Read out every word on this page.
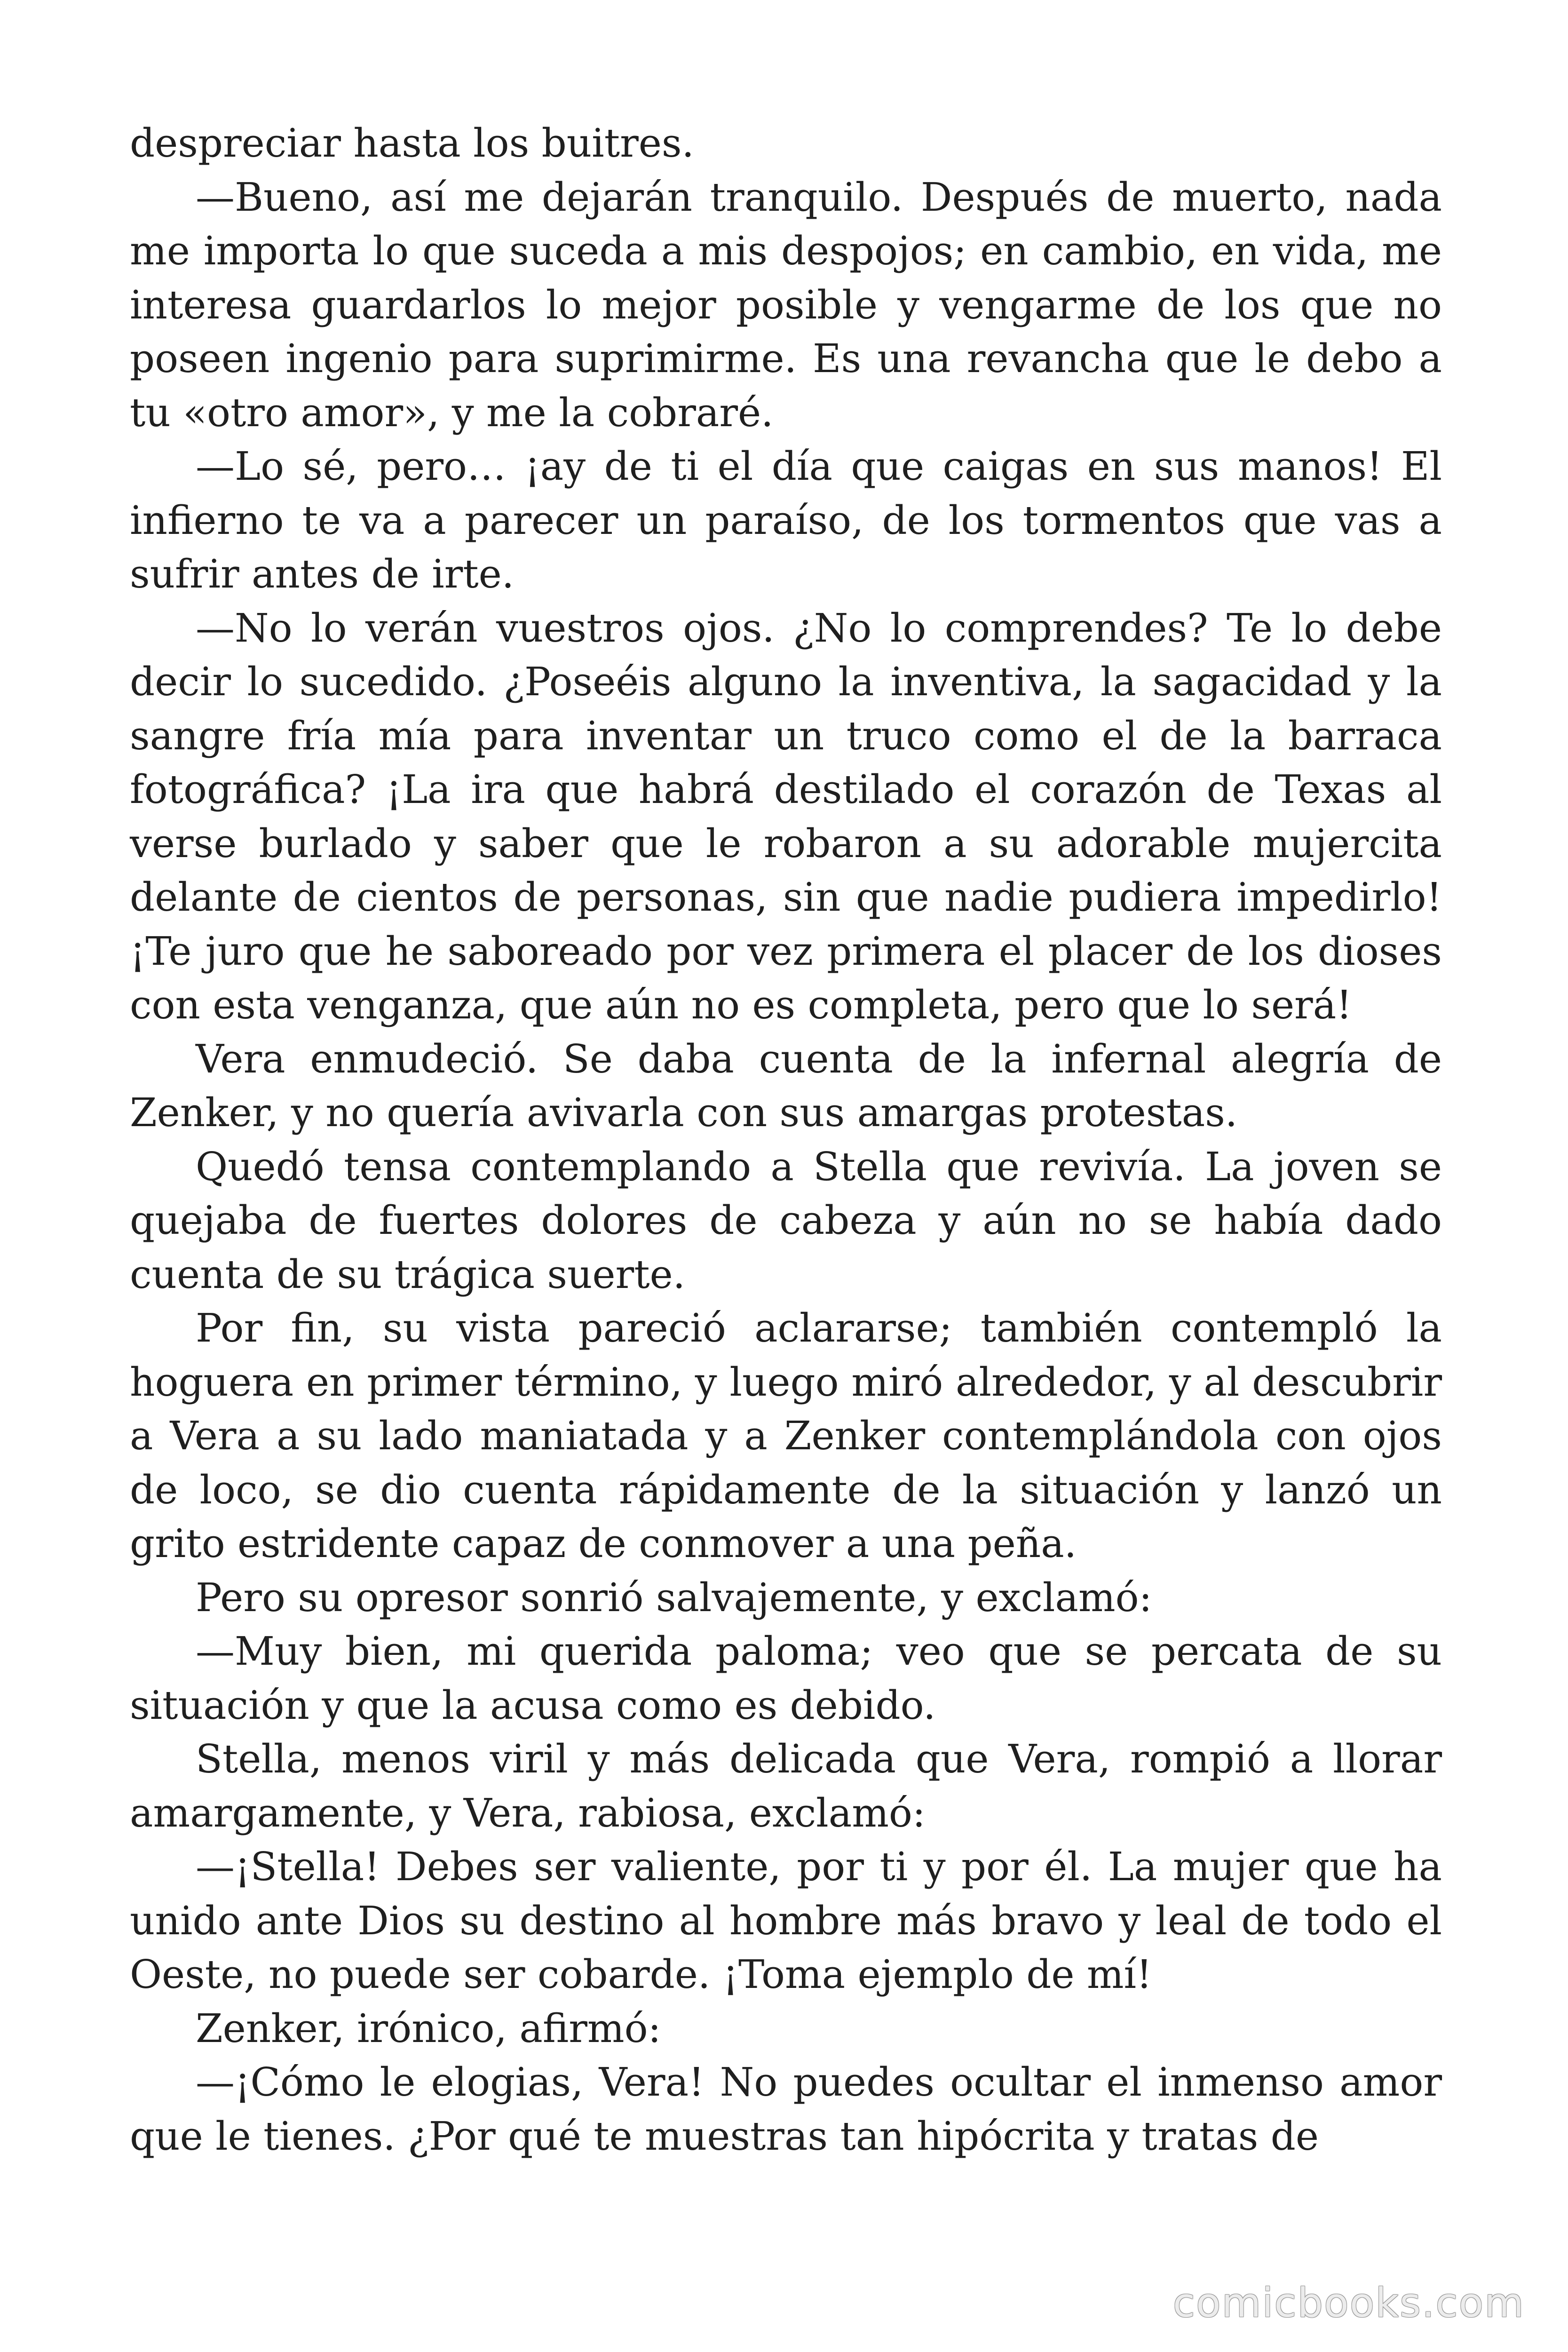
despreciar hasta los buitres.

—Bueno, así me dejarán tranquilo. Después de muerto, nada me importa lo que suceda a mis despojos; en cambio, en vida, me interesa guardarlos lo mejor posible y vengarme de los que no poseen ingenio para suprimirme. Es una revancha que le debo a tu «otro amor», y me la cobraré.

—Lo sé, pero… ¡ay de ti el día que caigas en sus manos! El infierno te va a parecer un paraíso, de los tormentos que vas a sufrir antes de irte.

—No lo verán vuestros ojos. ¿No lo comprendes? Te lo debe decir lo sucedido. ¿Poseéis alguno la inventiva, la sagacidad y la sangre fría mía para inventar un truco como el de la barraca fotográfica? ¡La ira que habrá destilado el corazón de Texas al verse burlado y saber que le robaron a su adorable mujercita delante de cientos de personas, sin que nadie pudiera impedirlo! ¡Te juro que he saboreado por vez primera el placer de los dioses con esta venganza, que aún no es completa, pero que lo será!

Vera enmudeció. Se daba cuenta de la infernal alegría de Zenker, y no quería avivarla con sus amargas protestas.

Quedó tensa contemplando a Stella que revivía. La joven se quejaba de fuertes dolores de cabeza y aún no se había dado cuenta de su trágica suerte.

Por fin, su vista pareció aclararse; también contempló la hoguera en primer término, y luego miró alrededor, y al descubrir a Vera a su lado maniatada y a Zenker contemplándola con ojos de loco, se dio cuenta rápidamente de la situación y lanzó un grito estridente capaz de conmover a una peña.

Pero su opresor sonrió salvajemente, y exclamó:

—Muy bien, mi querida paloma; veo que se percata de su situación y que la acusa como es debido.

Stella, menos viril y más delicada que Vera, rompió a llorar amargamente, y Vera, rabiosa, exclamó:

—¡Stella! Debes ser valiente, por ti y por él. La mujer que ha unido ante Dios su destino al hombre más bravo y leal de todo el Oeste, no puede ser cobarde. ¡Toma ejemplo de mí!

Zenker, irónico, afirmó:

—¡Cómo le elogias, Vera! No puedes ocultar el inmenso amor que le tienes. ¿Por qué te muestras tan hipócrita y tratas de

comicbooks.com
